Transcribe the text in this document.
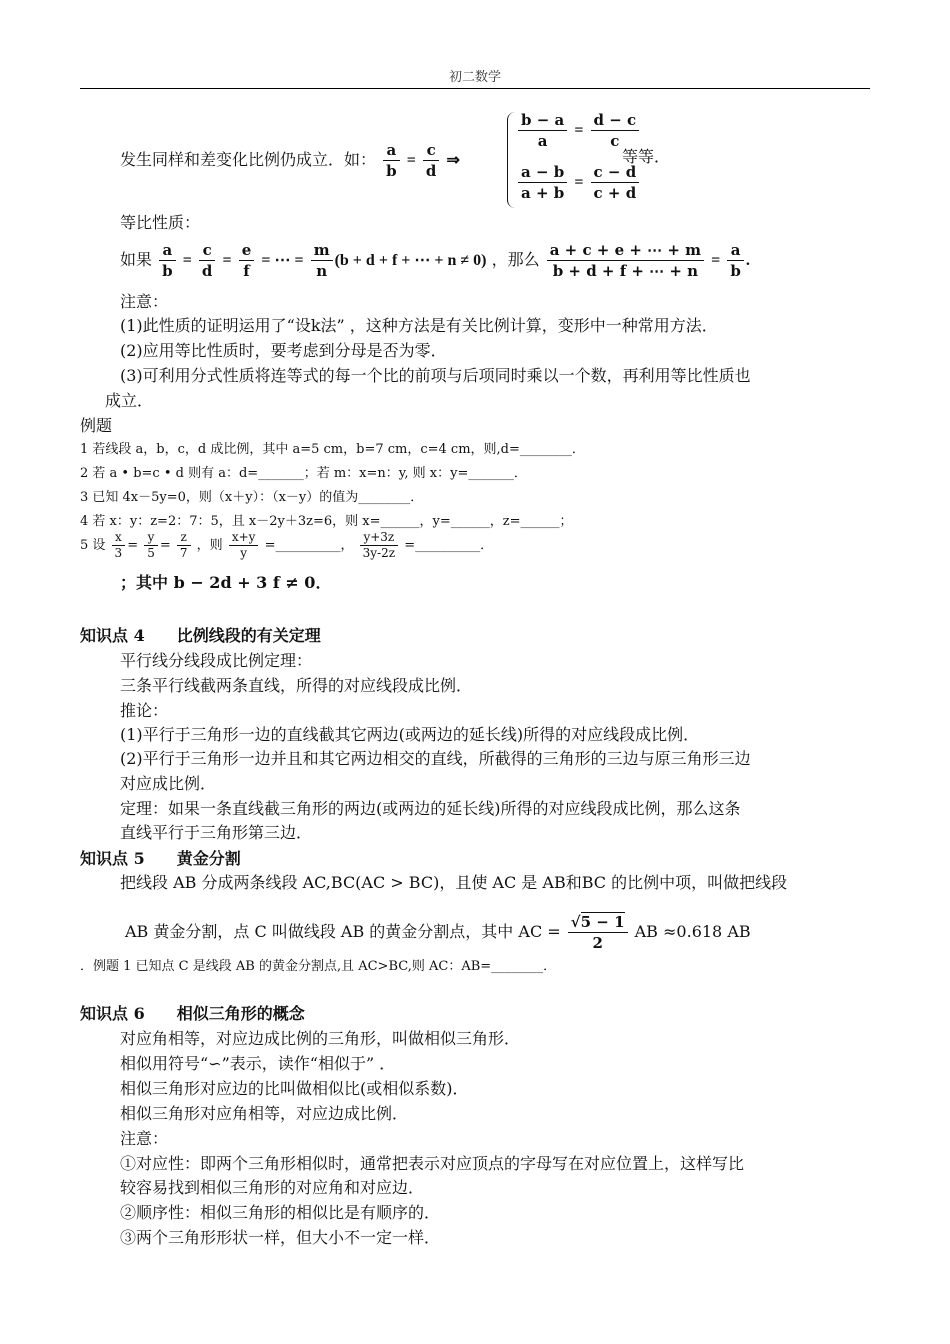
初二数学
发生同样和差变化比例仍成立．如： $\frac{a}{b} = \frac{c}{d}$ ⇒
$\frac{b - a}{a} = \frac{d - c}{c}$
$\frac{a - b}{a + b} = \frac{c - d}{c + d}$
等等．
等比性质：
如果 $\frac{a}{b} = \frac{c}{d} = \frac{e}{f}$ = ⋯ = $\frac{m}{n} (b + d + f$ + ⋯ + n ≠ 0) ，那么 $\frac{a + c + e + \cdots + m}{b + d + f + \cdots + n} = \frac{a}{b}$ .
注意：
(1)此性质的证明运用了“设k法” ，这种方法是有关比例计算，变形中一种常用方法．
(2)应用等比性质时，要考虑到分母是否为零．
(3)可利用分式性质将连等式的每一个比的前项与后项同时乘以一个数，再利用等比性质也
成立．
例题
1 若线段 a，b，c，d 成比例，其中 a=5 cm，b=7 cm，c=4 cm，则,d=________．
2 若 a • b=c • d 则有 a：d=_______；若 m：x=n：y, 则 x：y=_______．
3 已知 4x－5y=0，则（x＋y）：（x－y）的值为________．
4 若 x：y：z=2：7：5，且 x－2y＋3z=6，则 x=______，y=______，z=______；
5 设 $\frac{x}{3} = \frac{y}{5} = \frac{z}{7}$ ，则 $\frac{x+y}{y}$ =__________， $\frac{y+3z}{3y-2z}$ =__________．
；其中 b − 2d + 3 f ≠ 0．
知识点 4　　比例线段的有关定理
平行线分线段成比例定理：
三条平行线截两条直线，所得的对应线段成比例．
推论：
(1)平行于三角形一边的直线截其它两边(或两边的延长线)所得的对应线段成比例．
(2)平行于三角形一边并且和其它两边相交的直线，所截得的三角形的三边与原三角形三边
对应成比例．
定理：如果一条直线截三角形的两边(或两边的延长线)所得的对应线段成比例，那么这条
直线平行于三角形第三边．
知识点 5　　黄金分割
把线段 AB 分成两条线段 AC,BC(AC > BC)，且使 AC 是 AB和BC 的比例中项，叫做把线段
AB 黄金分割，点 C 叫做线段 AB 的黄金分割点，其中 AC = $\frac{√5 - 1}{2}$ AB ≈0.618 AB
．例题 1 已知点 C 是线段 AB 的黄金分割点,且 AC>BC,则 AC：AB=________．
知识点 6　　相似三角形的概念
对应角相等，对应边成比例的三角形，叫做相似三角形．
相似用符号“∽”表示，读作“相似于” ．
相似三角形对应边的比叫做相似比(或相似系数)．
相似三角形对应角相等，对应边成比例．
注意：
①对应性：即两个三角形相似时，通常把表示对应顶点的字母写在对应位置上，这样写比
较容易找到相似三角形的对应角和对应边．
②顺序性：相似三角形的相似比是有顺序的．
③两个三角形形状一样，但大小不一定一样．
